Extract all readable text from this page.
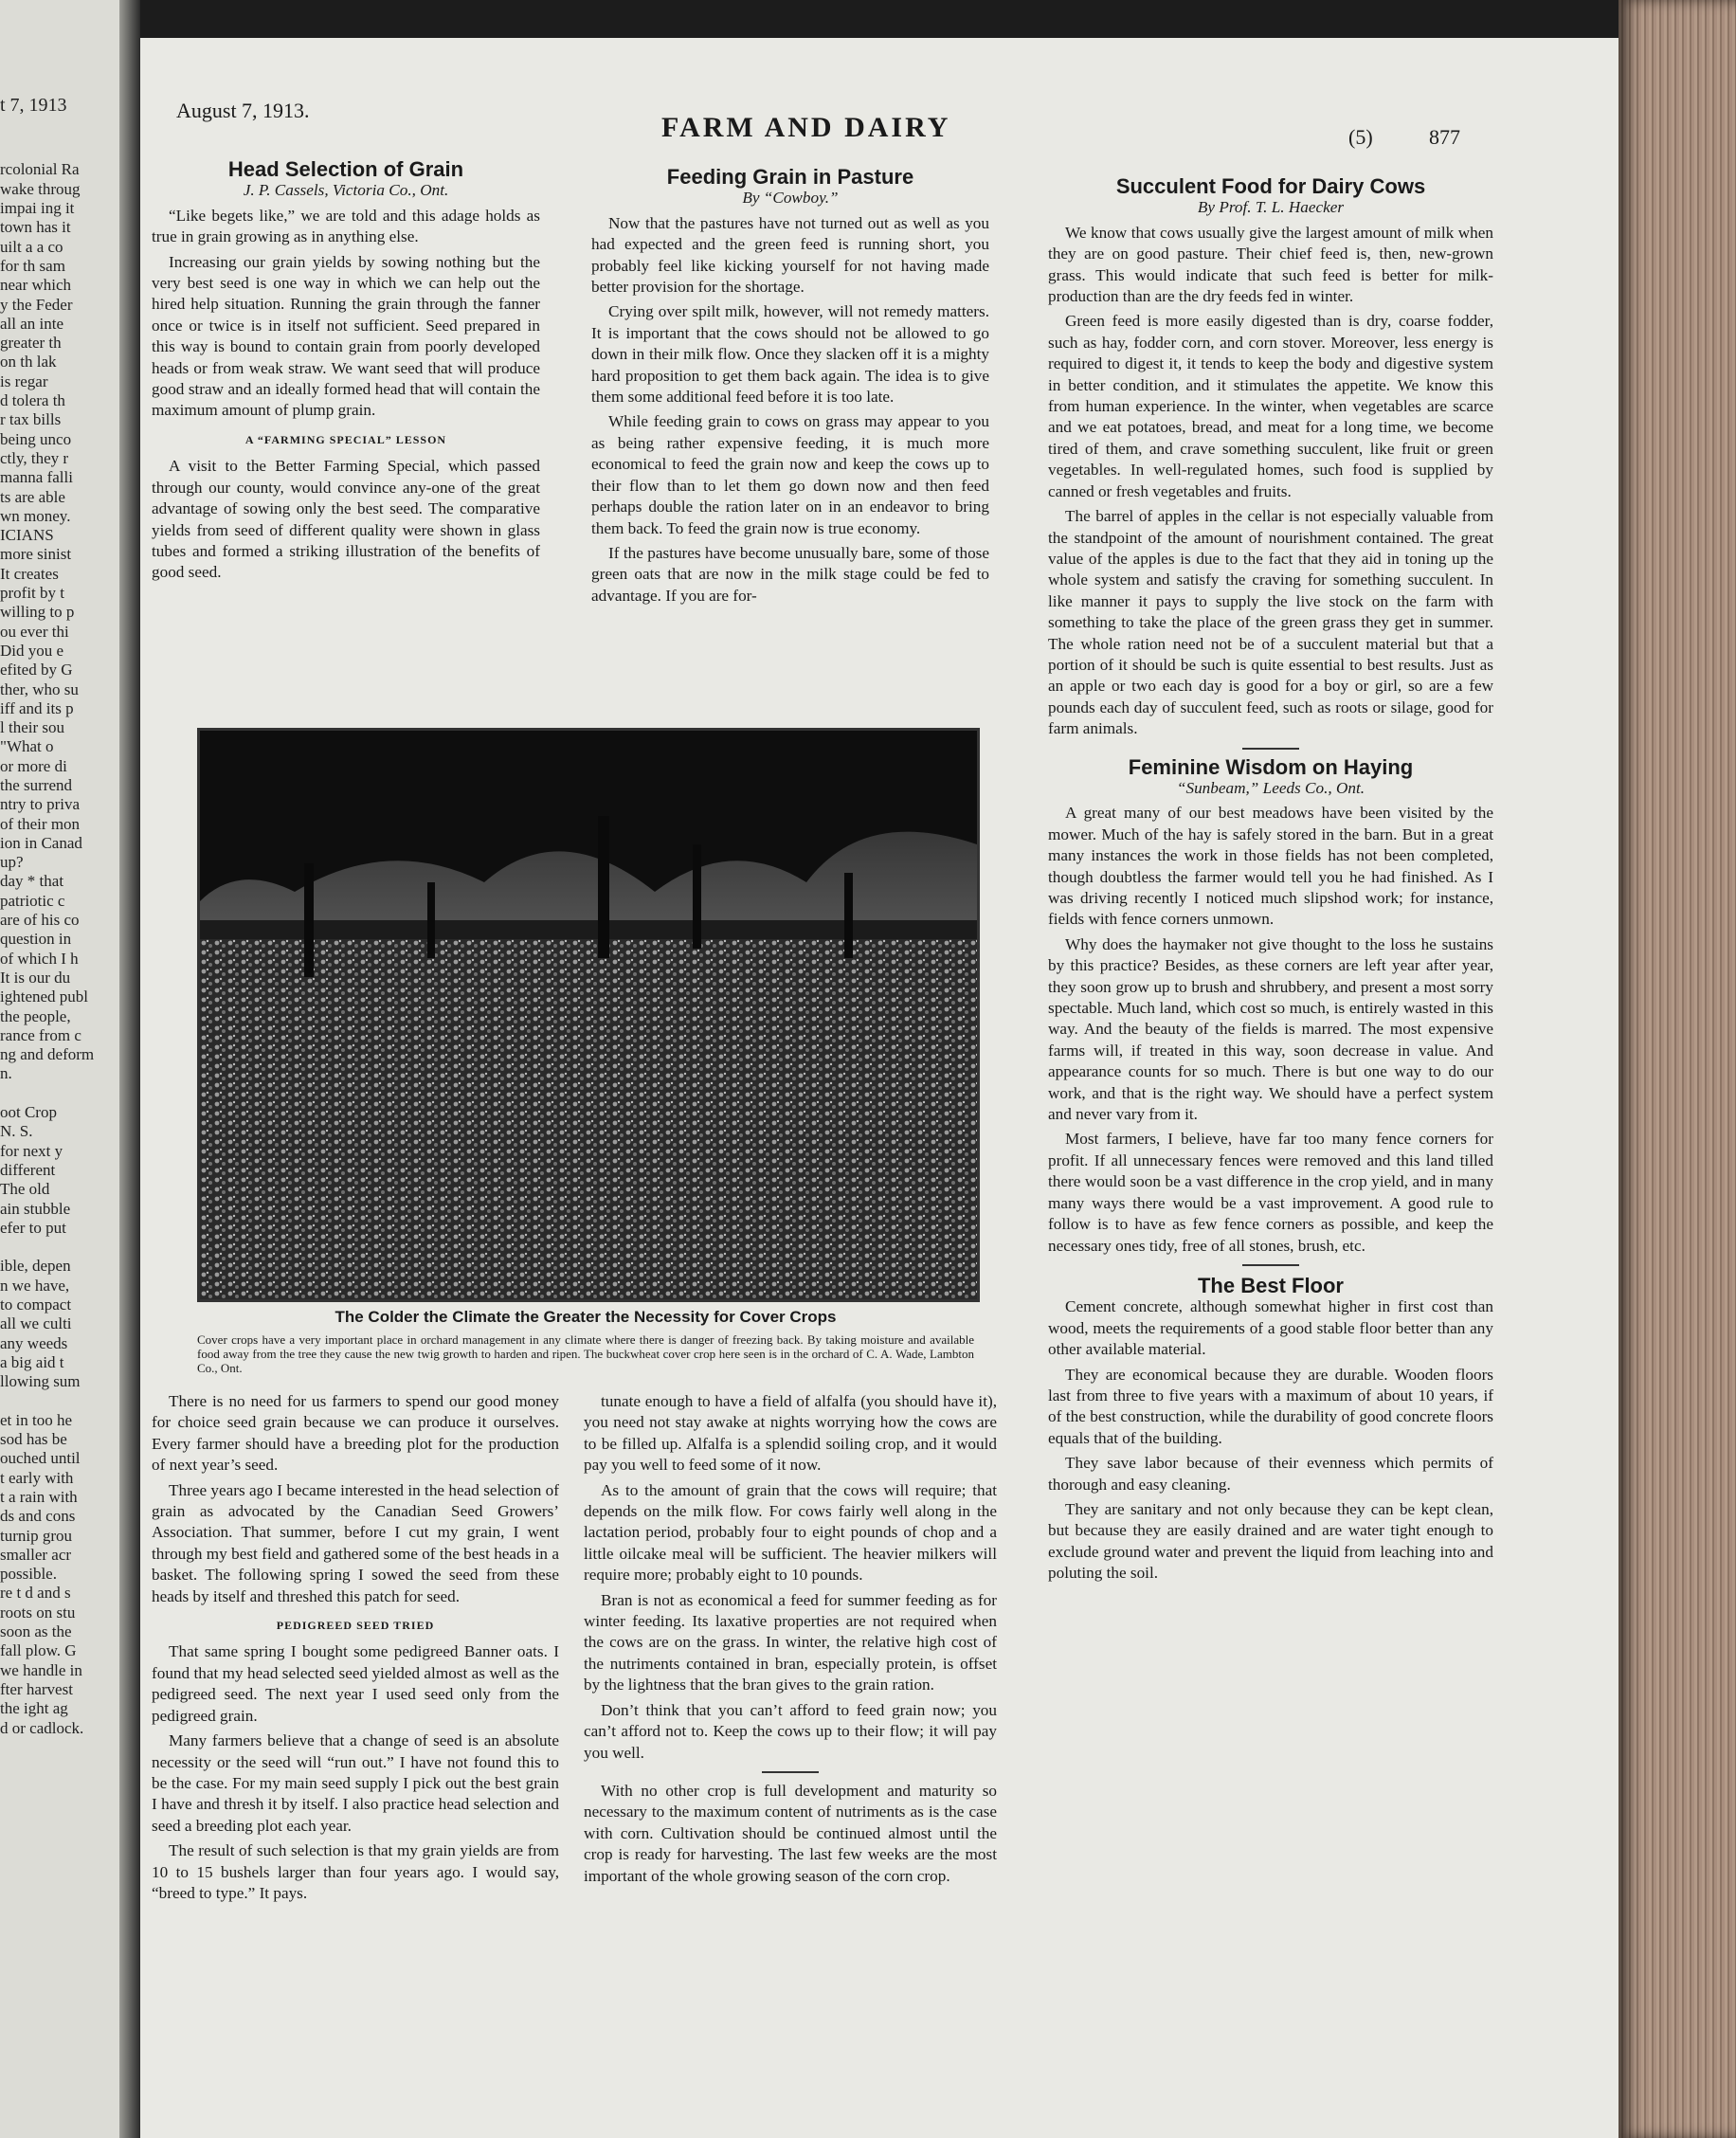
t 7, 1913

rcolonial Ra
wake throug
impai ing it
town has it
uilt a a co
for th sam
near which
y the Feder
all an inte
greater th
on th lak
is regar
d tolera th
r tax bills
being unco
ctly, they r
manna falli
ts are able
wn money.
ICIANS
more sinist
It creates
profit by t
willing to p
ou ever thi
Did you e
efited by G
ther, who su
iff and its p
l their sou
"What o
or more di
the surrend
ntry to priva
of their mon
ion in Canad
up?
day * that
patriotic c
are of his co
question in
of which I h
It is our du
ightened publ
the people,
rance from c
ng and deform
n.

oot Crop
N. S.
for next y
different
The old
ain stubble
efer to put

ible, depen
n we have,
to compact
all we culti
any weeds
a big aid t
llowing sum

et in too he
sod has be
ouched until
t early with
t a rain with
ds and cons
turnip grou
smaller acr
possible.
re t d and s
roots on stu
soon as the
fall plow. G
we handle in
fter harvest
the ight ag
d or cadlock.

August 7, 1913.
FARM AND DAIRY	(5)	877
Head Selection of Grain
J. P. Cassels, Victoria Co., Ont.

“Like begets like,” we are told and this adage holds as true in grain growing as in anything else.

Increasing our grain yields by sowing nothing but the very best seed is one way in which we can help out the hired help situation. Running the grain through the fanner once or twice is in itself not sufficient. Seed prepared in this way is bound to contain grain from poorly developed heads or from weak straw. We want seed that will produce good straw and an ideally formed head that will contain the maximum amount of plump grain.

A “FARMING SPECIAL” LESSON

A visit to the Better Farming Special, which passed through our county, would convince any-one of the great advantage of sowing only the best seed. The comparative yields from seed of different quality were shown in glass tubes and formed a striking illustration of the benefits of good seed.

Feeding Grain in Pasture
By “Cowboy.”

Now that the pastures have not turned out as well as you had expected and the green feed is running short, you probably feel like kicking yourself for not having made better provision for the shortage.

Crying over spilt milk, however, will not remedy matters. It is important that the cows should not be allowed to go down in their milk flow. Once they slacken off it is a mighty hard proposition to get them back again. The idea is to give them some additional feed before it is too late.

While feeding grain to cows on grass may appear to you as being rather expensive feeding, it is much more economical to feed the grain now and keep the cows up to their flow than to let them go down now and then feed perhaps double the ration later on in an endeavor to bring them back. To feed the grain now is true economy.

If the pastures have become unusually bare, some of those green oats that are now in the milk stage could be fed to advantage. If you are for-

Succulent Food for Dairy Cows
By Prof. T. L. Haecker

We know that cows usually give the largest amount of milk when they are on good pasture. Their chief feed is, then, new-grown grass. This would indicate that such feed is better for milk-production than are the dry feeds fed in winter.

Green feed is more easily digested than is dry, coarse fodder, such as hay, fodder corn, and corn stover. Moreover, less energy is required to digest it, it tends to keep the body and digestive system in better condition, and it stimulates the appetite. We know this from human experience. In the winter, when vegetables are scarce and we eat potatoes, bread, and meat for a long time, we become tired of them, and crave something succulent, like fruit or green vegetables. In well-regulated homes, such food is supplied by canned or fresh vegetables and fruits.

The barrel of apples in the cellar is not especially valuable from the standpoint of the amount of nourishment contained. The great value of the apples is due to the fact that they aid in toning up the whole system and satisfy the craving for something succulent. In like manner it pays to supply the live stock on the farm with something to take the place of the green grass they get in summer. The whole ration need not be of a succulent material but that a portion of it should be such is quite essential to best results. Just as an apple or two each day is good for a boy or girl, so are a few pounds each day of succulent feed, such as roots or silage, good for farm animals.

Feminine Wisdom on Haying
“Sunbeam,” Leeds Co., Ont.

A great many of our best meadows have been visited by the mower. Much of the hay is safely stored in the barn. But in a great many instances the work in those fields has not been completed, though doubtless the farmer would tell you he had finished. As I was driving recently I noticed much slipshod work; for instance, fields with fence corners unmown.

Why does the haymaker not give thought to the loss he sustains by this practice? Besides, as these corners are left year after year, they soon grow up to brush and shrubbery, and present a most sorry spectable. Much land, which cost so much, is entirely wasted in this way. And the beauty of the fields is marred. The most expensive farms will, if treated in this way, soon decrease in value. And appearance counts for so much. There is but one way to do our work, and that is the right way. We should have a perfect system and never vary from it.

Most farmers, I believe, have far too many fence corners for profit. If all unnecessary fences were removed and this land tilled there would soon be a vast difference in the crop yield, and in many many ways there would be a vast improvement. A good rule to follow is to have as few fence corners as possible, and keep the necessary ones tidy, free of all stones, brush, etc.

The Best Floor

Cement concrete, although somewhat higher in first cost than wood, meets the requirements of a good stable floor better than any other available material.

They are economical because they are durable. Wooden floors last from three to five years with a maximum of about 10 years, if of the best construction, while the durability of good concrete floors equals that of the building.

They save labor because of their evenness which permits of thorough and easy cleaning.

They are sanitary and not only because they can be kept clean, but because they are easily drained and are water tight enough to exclude ground water and prevent the liquid from leaching into and poluting the soil.

The Colder the Climate the Greater the Necessity for Cover Crops
Cover crops have a very important place in orchard management in any climate where there is danger of freezing back. By taking moisture and available food away from the tree they cause the new twig growth to harden and ripen. The buckwheat cover crop here seen is in the orchard of C. A. Wade, Lambton Co., Ont.

There is no need for us farmers to spend our good money for choice seed grain because we can produce it ourselves. Every farmer should have a breeding plot for the production of next year’s seed.

Three years ago I became interested in the head selection of grain as advocated by the Canadian Seed Growers’ Association. That summer, before I cut my grain, I went through my best field and gathered some of the best heads in a basket. The following spring I sowed the seed from these heads by itself and threshed this patch for seed.

PEDIGREED SEED TRIED

That same spring I bought some pedigreed Banner oats. I found that my head selected seed yielded almost as well as the pedigreed seed. The next year I used seed only from the pedigreed grain.

Many farmers believe that a change of seed is an absolute necessity or the seed will “run out.” I have not found this to be the case. For my main seed supply I pick out the best grain I have and thresh it by itself. I also practice head selection and seed a breeding plot each year.

The result of such selection is that my grain yields are from 10 to 15 bushels larger than four years ago. I would say, “breed to type.” It pays.

tunate enough to have a field of alfalfa (you should have it), you need not stay awake at nights worrying how the cows are to be filled up. Alfalfa is a splendid soiling crop, and it would pay you well to feed some of it now.

As to the amount of grain that the cows will require; that depends on the milk flow. For cows fairly well along in the lactation period, probably four to eight pounds of chop and a little oilcake meal will be sufficient. The heavier milkers will require more; probably eight to 10 pounds.

Bran is not as economical a feed for summer feeding as for winter feeding. Its laxative properties are not required when the cows are on the grass. In winter, the relative high cost of the nutriments contained in bran, especially protein, is offset by the lightness that the bran gives to the grain ration.

Don’t think that you can’t afford to feed grain now; you can’t afford not to. Keep the cows up to their flow; it will pay you well.

With no other crop is full development and maturity so necessary to the maximum content of nutriments as is the case with corn. Cultivation should be continued almost until the crop is ready for harvesting. The last few weeks are the most important of the whole growing season of the corn crop.
